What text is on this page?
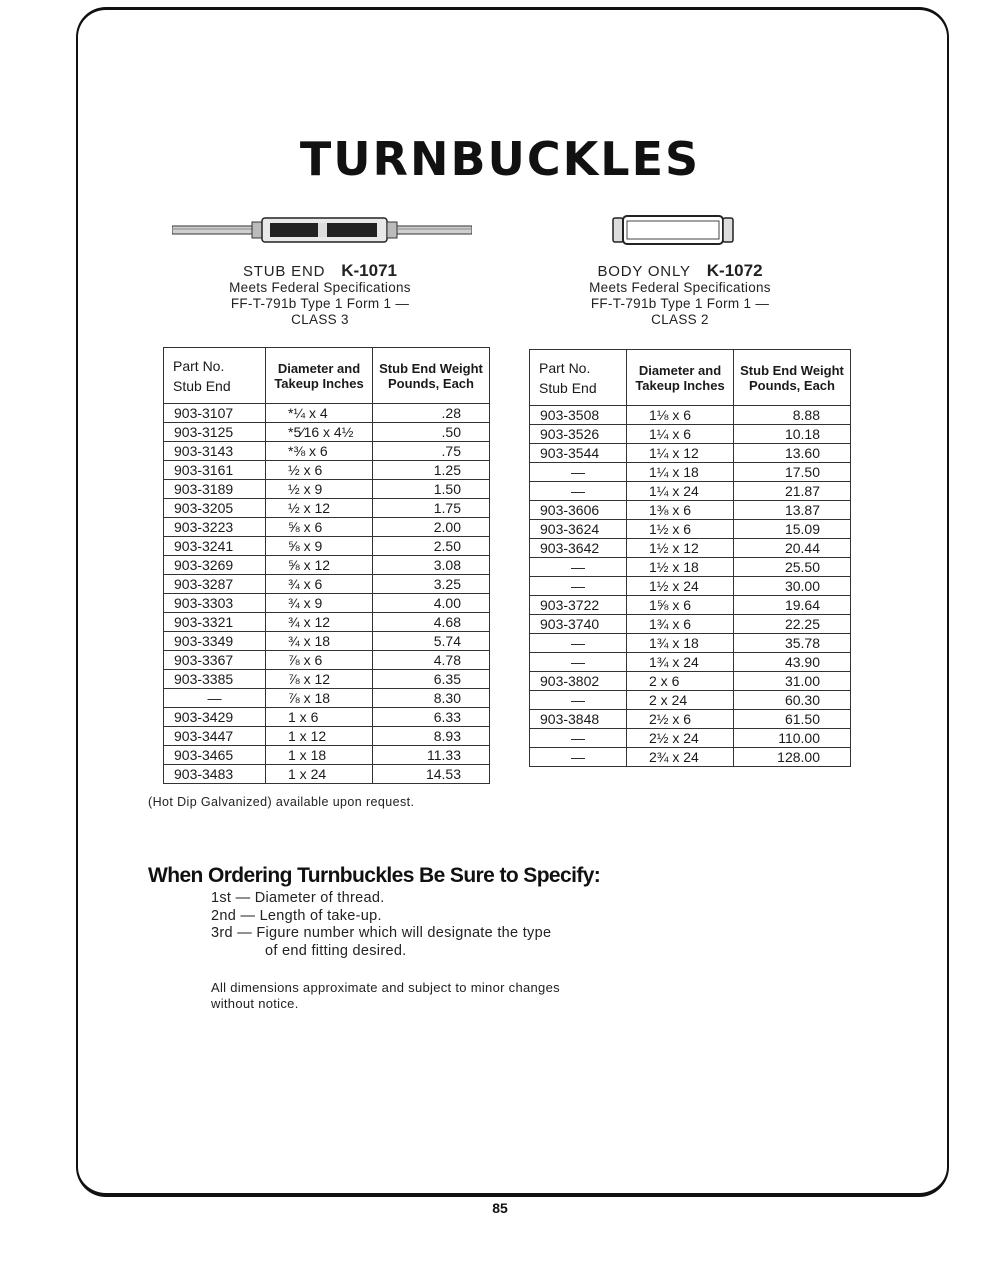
TURNBUCKLES
STUB END K-1071
Meets Federal Specifications
FF-T-791b Type 1 Form 1 —
CLASS 3
BODY ONLY K-1072
Meets Federal Specifications
FF-T-791b Type 1 Form 1 —
CLASS 2
Part No.
Stub End	Diameter and Takeup Inches	Stub End Weight Pounds, Each
903-3107	*¼ x 4	.28
903-3125	*5⁄16 x 4½	.50
903-3143	*⅜ x 6	.75
903-3161	½ x 6	1.25
903-3189	½ x 9	1.50
903-3205	½ x 12	1.75
903-3223	⅝ x 6	2.00
903-3241	⅝ x 9	2.50
903-3269	⅝ x 12	3.08
903-3287	¾ x 6	3.25
903-3303	¾ x 9	4.00
903-3321	¾ x 12	4.68
903-3349	¾ x 18	5.74
903-3367	⅞ x 6	4.78
903-3385	⅞ x 12	6.35
—	⅞ x 18	8.30
903-3429	1 x 6	6.33
903-3447	1 x 12	8.93
903-3465	1 x 18	11.33
903-3483	1 x 24	14.53
Part No.
Stub End	Diameter and Takeup Inches	Stub End Weight Pounds, Each
903-3508	1⅛ x 6	8.88
903-3526	1¼ x 6	10.18
903-3544	1¼ x 12	13.60
—	1¼ x 18	17.50
—	1¼ x 24	21.87
903-3606	1⅜ x 6	13.87
903-3624	1½ x 6	15.09
903-3642	1½ x 12	20.44
—	1½ x 18	25.50
—	1½ x 24	30.00
903-3722	1⅝ x 6	19.64
903-3740	1¾ x 6	22.25
—	1¾ x 18	35.78
—	1¾ x 24	43.90
903-3802	2 x 6	31.00
—	2 x 24	60.30
903-3848	2½ x 6	61.50
—	2½ x 24	110.00
—	2¾ x 24	128.00
(Hot Dip Galvanized) available upon request.
When Ordering Turnbuckles Be Sure to Specify:
1st — Diameter of thread.
2nd — Length of take-up.
3rd — Figure number which will designate the type
of end fitting desired.
All dimensions approximate and subject to minor changes
without notice.
85
